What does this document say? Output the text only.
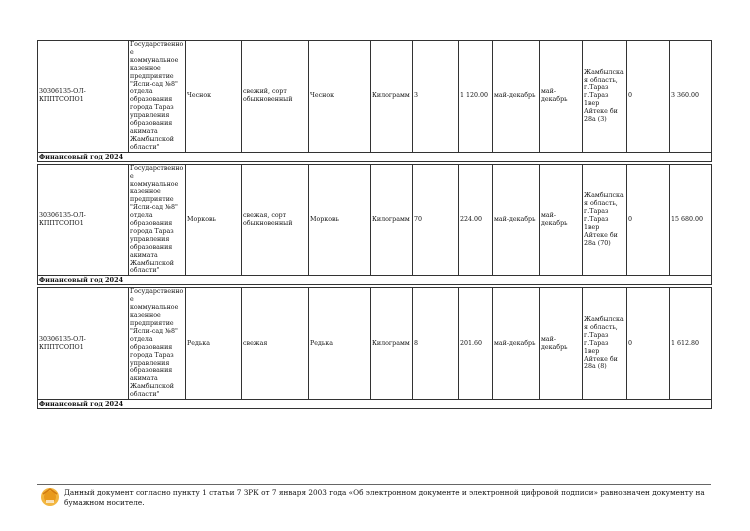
30306135-ОЛ-КППТСОПО1	Государственное коммунальное казенное предприятие "Ясли-сад №8" отдела образования города Тараз управления образования акимата Жамбылской области"	Чеснок	свежий, сорт обыкновенный	Чеснок	Килограмм	3	1 120.00	май-декабрь	май-декабрь	Жамбылская область, г.Тараз г.Тараз 1вер Айтеке би 28а (3)	0	3 360.00
Финансовый год 2024												

30306135-ОЛ-КППТСОПО1	Государственное коммунальное казенное предприятие "Ясли-сад №8" отдела образования города Тараз управления образования акимата Жамбылской области"	Морковь	свежая, сорт обыкновенный	Морковь	Килограмм	70	224.00	май-декабрь	май-декабрь	Жамбылская область, г.Тараз г.Тараз 1вер Айтеке би 28а (70)	0	15 680.00
Финансовый год 2024												

30306135-ОЛ-КППТСОПО1	Государственное коммунальное казенное предприятие "Ясли-сад №8" отдела образования города Тараз управления образования акимата Жамбылской области"	Редька	свежая	Редька	Килограмм	8	201.60	май-декабрь	май-декабрь	Жамбылская область, г.Тараз г.Тараз 1вер Айтеке би 28а (8)	0	1 612.80
Финансовый год 2024												
Данный документ согласно пункту 1 статьи 7 ЗРК от 7 января 2003 года «Об электронном документе и электронной цифровой подписи» равнозначен документу на бумажном носителе.
